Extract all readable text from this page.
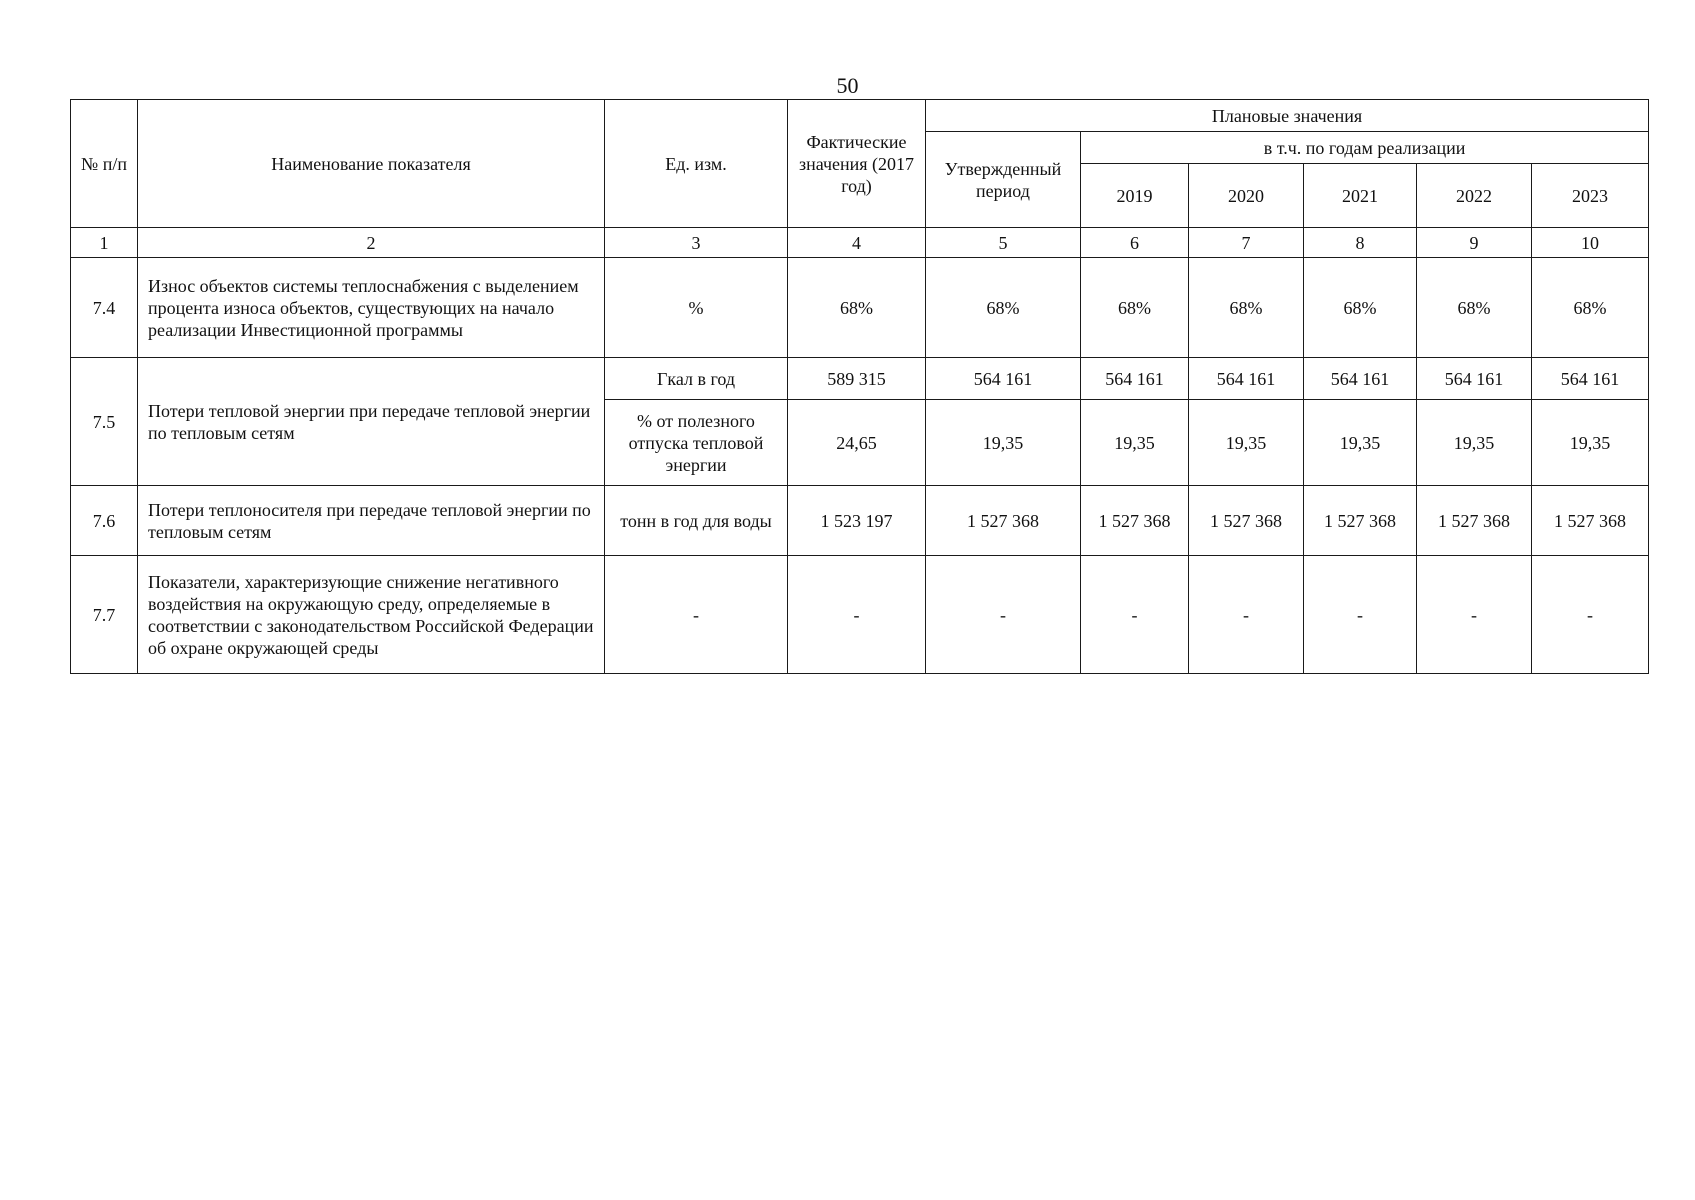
50
№ п/п	Наименование показателя	Ед. изм.	Фактические значения (2017 год)	Плановые значения					
				Утвержденный период	в т.ч. по годам реализации				
					2019	2020	2021	2022	2023
1	2	3	4	5	6	7	8	9	10
7.4	Износ объектов системы теплоснабжения с выделением процента износа объектов, существующих на начало реализации Инвестиционной программы	%	68%	68%	68%	68%	68%	68%	68%
7.5	Потери тепловой энергии при передаче тепловой энергии по тепловым сетям	Гкал в год	589 315	564 161	564 161	564 161	564 161	564 161	564 161
		% от полезного отпуска тепловой энергии	24,65	19,35	19,35	19,35	19,35	19,35	19,35
7.6	Потери теплоносителя при передаче тепловой энергии по тепловым сетям	тонн в год для воды	1 523 197	1 527 368	1 527 368	1 527 368	1 527 368	1 527 368	1 527 368
7.7	Показатели, характеризующие снижение негативного воздействия на окружающую среду, определяемые в соответствии с законодательством Российской Федерации об охране окружающей среды	-	-	-	-	-	-	-	-
